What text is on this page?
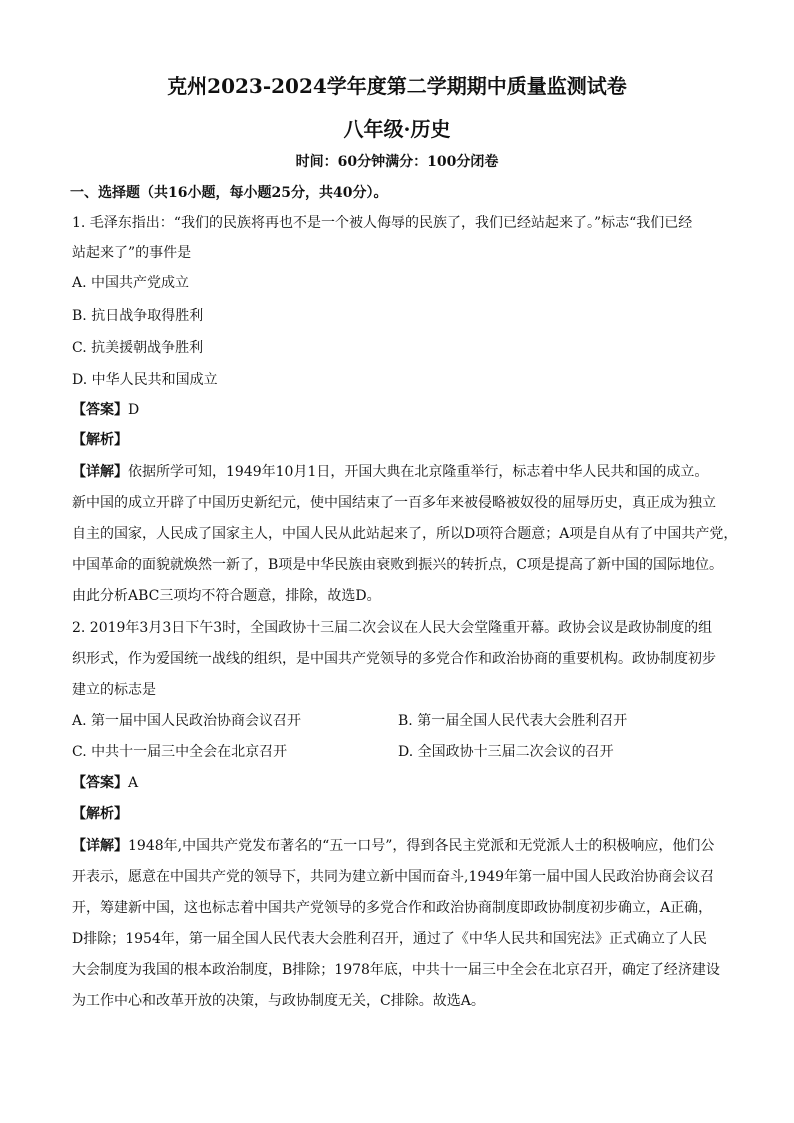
克州2023-2024学年度第二学期期中质量监测试卷
八年级·历史
时间：60分钟满分：100分闭卷
一、选择题（共16小题，每小题25分，共40分）。
1. 毛泽东指出：“我们的民族将再也不是一个被人侮辱的民族了，我们已经站起来了。”标志“我们已经
站起来了”的事件是
A. 中国共产党成立
B. 抗日战争取得胜利
C. 抗美援朝战争胜利
D. 中华人民共和国成立
【答案】D
【解析】
【详解】依据所学可知，1949年10月1日，开国大典在北京隆重举行，标志着中华人民共和国的成立。
新中国的成立开辟了中国历史新纪元，使中国结束了一百多年来被侵略被奴役的屈辱历史，真正成为独立
自主的国家，人民成了国家主人，中国人民从此站起来了，所以D项符合题意；A项是自从有了中国共产党，
中国革命的面貌就焕然一新了，B项是中华民族由衰败到振兴的转折点，C项是提高了新中国的国际地位。
由此分析ABC三项均不符合题意，排除，故选D。
2. 2019年3月3日下午3时，全国政协十三届二次会议在人民大会堂隆重开幕。政协会议是政协制度的组
织形式，作为爱国统一战线的组织，是中国共产党领导的多党合作和政治协商的重要机构。政协制度初步
建立的标志是
A. 第一届中国人民政治协商会议召开	B. 第一届全国人民代表大会胜利召开
C. 中共十一届三中全会在北京召开	D. 全国政协十三届二次会议的召开
【答案】A
【解析】
【详解】1948年,中国共产党发布著名的“五一口号”，得到各民主党派和无党派人士的积极响应，他们公
开表示，愿意在中国共产党的领导下，共同为建立新中国而奋斗,1949年第一届中国人民政治协商会议召
开，筹建新中国，这也标志着中国共产党领导的多党合作和政治协商制度即政协制度初步确立，A正确，
D排除；1954年，第一届全国人民代表大会胜利召开，通过了《中华人民共和国宪法》正式确立了人民
大会制度为我国的根本政治制度，B排除；1978年底，中共十一届三中全会在北京召开，确定了经济建设
为工作中心和改革开放的决策，与政协制度无关，C排除。故选A。
